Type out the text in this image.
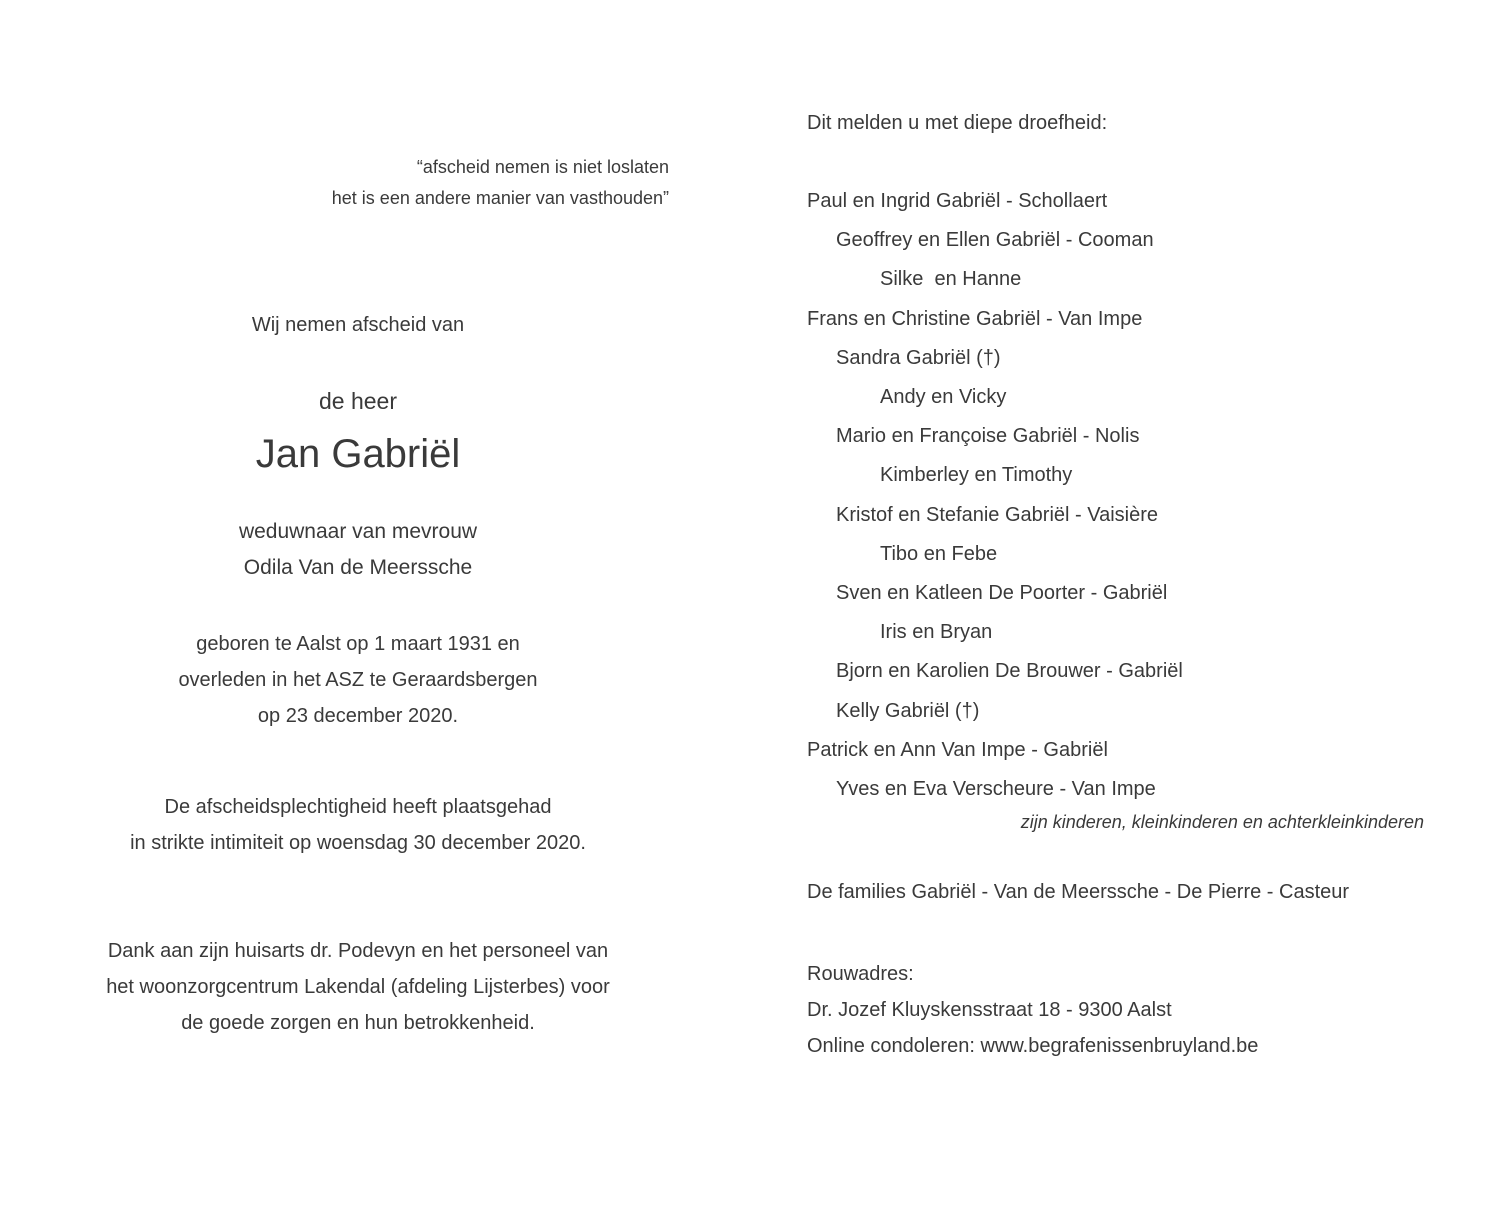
“afscheid nemen is niet loslaten
het is een andere manier van vasthouden”
Wij nemen afscheid van
de heer
Jan Gabriël
weduwnaar van mevrouw
Odila Van de Meerssche
geboren te Aalst op 1 maart 1931 en
overleden in het ASZ te Geraardsbergen
op 23 december 2020.
De afscheidsplechtigheid heeft plaatsgehad
in strikte intimiteit op woensdag 30 december 2020.
Dank aan zijn huisarts dr. Podevyn en het personeel van
het woonzorgcentrum Lakendal (afdeling Lijsterbes) voor
de goede zorgen en hun betrokkenheid.
Dit melden u met diepe droefheid:
Paul en Ingrid Gabriël - Schollaert
Geoffrey en Ellen Gabriël - Cooman
Silke  en Hanne
Frans en Christine Gabriël - Van Impe
Sandra Gabriël (†)
Andy en Vicky
Mario en Françoise Gabriël - Nolis
Kimberley en Timothy
Kristof en Stefanie Gabriël - Vaisière
Tibo en Febe
Sven en Katleen De Poorter - Gabriël
Iris en Bryan
Bjorn en Karolien De Brouwer - Gabriël
Kelly Gabriël (†)
Patrick en Ann Van Impe - Gabriël
Yves en Eva Verscheure - Van Impe
zijn kinderen, kleinkinderen en achterkleinkinderen
De families Gabriël - Van de Meerssche - De Pierre - Casteur
Rouwadres:
Dr. Jozef Kluyskensstraat 18 - 9300 Aalst
Online condoleren: www.begrafenissenbruyland.be
